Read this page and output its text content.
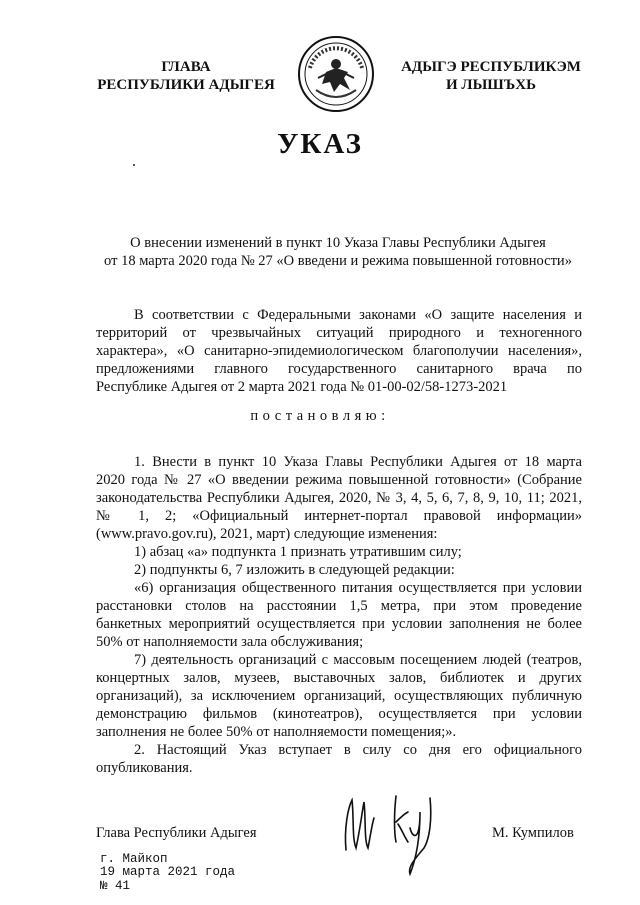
ГЛАВА
РЕСПУБЛИКИ АДЫГЕЯ
АДЫГЭ РЕСПУБЛИКЭМ
И ЛЫШЪХЬ
УКАЗ
О внесении изменений в пункт 10 Указа Главы Республики Адыгея
от 18 марта 2020 года № 27 «О введени и режима повышенной готовности»
В соответствии с Федеральными законами «О защите населения и
территорий от чрезвычайных ситуаций природного и техногенного
характера», «О санитарно-эпидемиологическом благополучии населения»,
предложениями главного государственного санитарного врача по
Республике Адыгея от 2 марта 2021 года № 01-00-02/58-1273-2021
постановляю:
1. Внести в пункт 10 Указа Главы Республики Адыгея от 18 марта
2020 года № 27 «О введении режима повышенной готовности» (Собрание
законодательства Республики Адыгея, 2020, № 3, 4, 5, 6, 7, 8, 9, 10, 11; 2021,
№ 1, 2; «Официальный интернет-портал правовой информации»
(www.pravo.gov.ru), 2021, март) следующие изменения:
1) абзац «а» подпункта 1 признать утратившим силу;
2) подпункты 6, 7 изложить в следующей редакции:
«6) организация общественного питания осуществляется при условии
расстановки столов на расстоянии 1,5 метра, при этом проведение
банкетных мероприятий осуществляется при условии заполнения не более
50% от наполняемости зала обслуживания;
7) деятельность организаций с массовым посещением людей (театров,
концертных залов, музеев, выставочных залов, библиотек и других
организаций), за исключением организаций, осуществляющих публичную
демонстрацию фильмов (кинотеатров), осуществляется при условии
заполнения не более 50% от наполняемости помещения;».
2. Настоящий Указ вступает в силу со дня его официального
опубликования.
Глава Республики Адыгея	М. Кумпилов
г. Майкоп
19 марта 2021 года
№ 41
